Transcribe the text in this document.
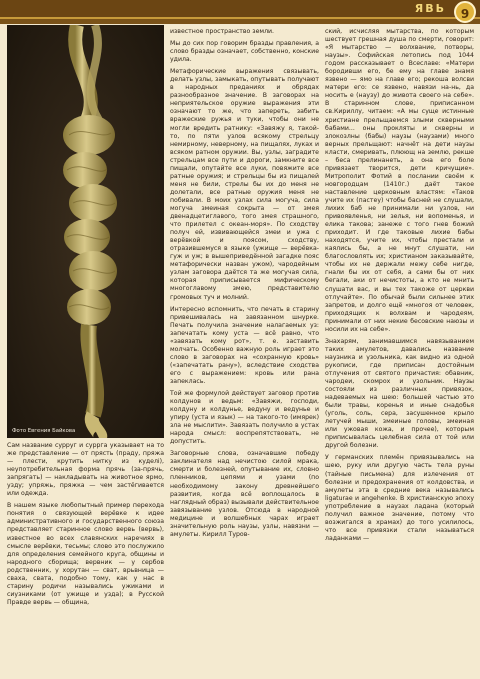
ЯВЬ	9
Фото Евгения Байкова

Сам название сурруг и суррга указывает на то же представление — от прясть (праду, пряжа — плести, крутить нитку из куделі), неупотребительная форма прячь (за-прячь, запрягать) — накладывать на животное ярмо, узду; упряжь, пряжка — чем застёгивается или одежда.

В нашем языке любопытный пример перехода понятия о связующей верёвке к идее административного и государственного союза представляет старинное слово вервь (вервь), известное во всех славянских наречиях в смысле верёвки, тесьмы; слово это послужило для определения семейного круга, общины и народного сборища; вервник — у сербов родственник, у хорутан — сват, врьвница — сваха, свата, подобно тому, как у нас в старину родичи назывались ужиками и сиузниками (от ужище и узда); в Русской Правде вервь — община,

известное пространство земли.

Мы до сих пор говорим бразды правления, а слово бразды означает, собственно, конские удила.

Метафорические выражения связывать, делать узлы, замыкать, опутывать получают в народных преданиях и обрядах разнообразное значение. В заговорах на неприятельское оружие выражения эти означают то же, что запереть, забить вражеские ружья и туки, чтобы они не могли вредить ратнику: «Завяжу я, такой-то, по пяти узлов всякому стрельцу немирному, неверному, на пищалях, луках и всяком ратном оружии. Вы, узлы, заградите стрельцам все пути и дороги, замкните все пищали, опутайте все луки, повяжите все ратные оружия; и стрельцы бы из пищалей меня не били, стрелы бы их до меня не долетали, все ратные оружия меня не побивали. В моих узлах сила могуча, сила могуча змеиная сокрыта — от змея двенадцетиглавого, того змея страшного, что прилетел с океан-моря». По сходству получ ей, извивающейся змеи и ужа с верёвкой и поясом, сходству, отразившемуся в языке (ужище — верёвка-гуж и уж; в вышеприведённой загадке пояс метафорически назван ужом), чародейным узлам заговора даётся та же могучая сила, которая приписывается мифическому многоглавому змею, представителю громовых туч и молний.

Интересно вспомнить, что печать в старину привешивалась на завязанном шнурке. Печать получила значение налагаемых уз: запечатать кому уста — всё равно, что «завязать кому рот», т. е. заставить молчать. Особенно важную роль играет это слово в заговорах на «сохранную кровь» («запечатать рану»), вследствие сходства его с выражением: кровь или рана запеклась.

Той же формулой действует заговор против колдунов и ведьм: «Завяжи, господи, колдуну и колдунье, ведуну и ведунье и упиру (уста и язык) — на такого-то (имярек) зла не мыслити». Завязать получило в устах народа смысл: воспрепятствовать, не допустить.

Заговорные слова, означавшие победу заклинателя над нечистою силой мрака, смерти и болезней, опутывание их, словно пленников, цепями и узами (по необходимому закону древнейшего развития, когда всё воплощалось в наглядный образ) вызывали действительное завязывание узлов. Отсюда в народной медицине и волшебных чарах играет значительную роль наузы, узлы, навязни — амулеты. Кирилл Туров-

ский, исчисляя мытарства, по которым шествует грешная душа по смерти, говорит: «Я мытарство — волхвание, потворы, наузы». Софийская летопись под 1044 годом рассказывает о Всеславе: «Матери бородивши его, бе ему на главе знамя язвено — ямо на главе его; рекоша волсви матери его: се язвено, навязи на-нь, да носить е (наузу) до живота своего на себе». В старинном слове, приписанном св.Кириллу, читаем: «А мы суще истинные христиане прельщаемся злыми скверными бабами... оны прокляты и скверны и злокозлны (бабы) наузы (наузами) много верных прельщают: начнёт на дети наузы класти, смеривать, плюющ на землю, рекше – беса прелинанеть, а она его боле привязает творится, дети кричущие». Митрополит Фотий в послании своём к новгородцам (1410г.) даёт такое наставление церковным властям: «Таков учите их (пастеу) чтобы басней не слушали, лихих баб не принимали ни узлов, ни привоявленья, ни зелья, ни вопоменья, и елика такова; занеже с того гнев божий приходит. И где таковые лихие бабы находятся, учите их, чтобы престали и каялись бы, а не мнут слушати, ни благословлять их; христианом заказывайте, чтобы их не держали межу себе нигде, гнали бы их от себя, а сами бы от них бегали, аки от нечистоты, а кто не мнить слушати вас, и вы тех такоже от церкви отлучайте». По обычай были сильнее этих запретов, и долго ещё «многоя от человек, приходящих к волхвам и чародеям, принимали от них некие бесовские наюзы и носили их на себе».

Знахарям, занимавшимся навязыванием таких амулетов, давались название наузника и узольника, как видно из одной рукописи, где приписан достойным отлучения от святого причастия: обавник, чародеи, скомрох и узольник. Наузы состояли из различных привязок, надеваемых на шею: большей частью это были травы, коренья и иные снадобья (уголь, соль, сера, засушенное крыло летучей мыши, змеиные головы, змеиная или ужовая кожа, и прочее), которым приписывалась целебная сила от той или другой болезни.

У германских племён привязывались на шею, руку или другую часть тела руны (тайные письмена) для излечения от болезни и предохранения от колдовства, и амулеты эта в средние века назывались ligaturae и angehenke. В христианскую эпоху употребление в наузах ладана (который получил важное значение, потому что возжигался в храмах) до того усилилось, что все привязки стали называться ладанками —
